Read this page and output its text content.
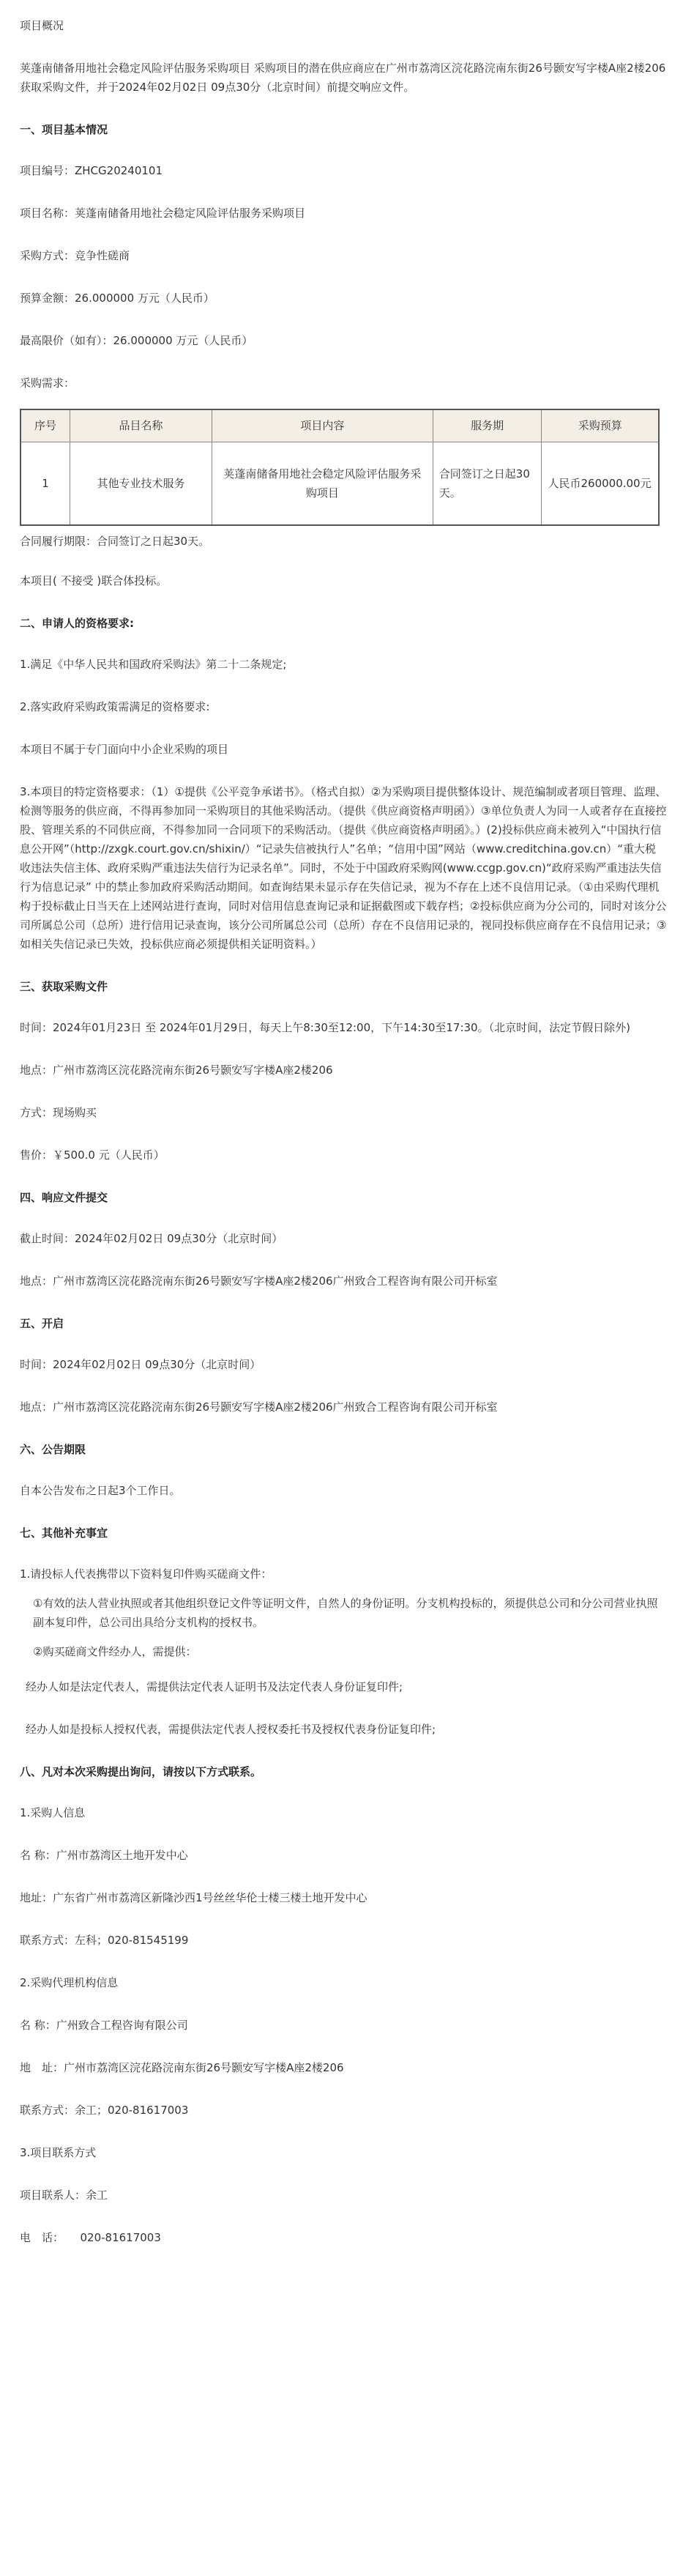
项目概况
荚蓬南储备用地社会稳定风险评估服务采购项目 采购项目的潜在供应商应在广州市荔湾区浣花路浣南东街26号颢安写字楼A座2楼206获取采购文件，并于2024年02月02日 09点30分（北京时间）前提交响应文件。
一、项目基本情况
项目编号：ZHCG20240101
项目名称：荚蓬南储备用地社会稳定风险评估服务采购项目
采购方式：竞争性磋商
预算金额：26.000000 万元（人民币）
最高限价（如有）：26.000000 万元（人民币）
采购需求：
序号	品目名称	项目内容	服务期	采购预算
1	其他专业技术服务	荚蓬南储备用地社会稳定风险评估服务采购项目	合同签订之日起30天。	人民币260000.00元
合同履行期限：合同签订之日起30天。
本项目( 不接受 )联合体投标。
二、申请人的资格要求:
1.满足《中华人民共和国政府采购法》第二十二条规定;
2.落实政府采购政策需满足的资格要求:
本项目不属于专门面向中小企业采购的项目
3.本项目的特定资格要求：（1）①提供《公平竞争承诺书》。（格式自拟）②为采购项目提供整体设计、规范编制或者项目管理、监理、检测等服务的供应商，不得再参加同一采购项目的其他采购活动。（提供《供应商资格声明函》）③单位负责人为同一人或者存在直接控股、管理关系的不同供应商，不得参加同一合同项下的采购活动。（提供《供应商资格声明函》。）(2)投标供应商未被列入“中国执行信息公开网”（http://zxgk.court.gov.cn/shixin/）“记录失信被执行人”名单；“信用中国”网站（www.creditchina.gov.cn）“重大税收违法失信主体、政府采购严重违法失信行为记录名单”。同时，不处于中国政府采购网(www.ccgp.gov.cn)“政府采购严重违法失信行为信息记录” 中的禁止参加政府采购活动期间。如查询结果未显示存在失信记录，视为不存在上述不良信用记录。（①由采购代理机构于投标截止日当天在上述网站进行查询，同时对信用信息查询记录和证据截图或下载存档；②投标供应商为分公司的，同时对该分公司所属总公司（总所）进行信用记录查询，该分公司所属总公司（总所）存在不良信用记录的，视同投标供应商存在不良信用记录；③如相关失信记录已失效，投标供应商必须提供相关证明资料。）
三、获取采购文件
时间：2024年01月23日 至 2024年01月29日，每天上午8:30至12:00，下午14:30至17:30。（北京时间，法定节假日除外)
地点：广州市荔湾区浣花路浣南东街26号颢安写字楼A座2楼206
方式：现场购买
售价：￥500.0 元（人民币）
四、响应文件提交
截止时间：2024年02月02日 09点30分（北京时间）
地点：广州市荔湾区浣花路浣南东街26号颢安写字楼A座2楼206广州致合工程咨询有限公司开标室
五、开启
时间：2024年02月02日 09点30分（北京时间）
地点：广州市荔湾区浣花路浣南东街26号颢安写字楼A座2楼206广州致合工程咨询有限公司开标室
六、公告期限
自本公告发布之日起3个工作日。
七、其他补充事宜
1.请投标人代表携带以下资料复印件购买磋商文件：
①有效的法人营业执照或者其他组织登记文件等证明文件，自然人的身份证明。分支机构投标的，须提供总公司和分公司营业执照副本复印件，总公司出具给分支机构的授权书。
②购买磋商文件经办人，需提供：
经办人如是法定代表人，需提供法定代表人证明书及法定代表人身份证复印件;
经办人如是投标人授权代表，需提供法定代表人授权委托书及授权代表身份证复印件;
八、凡对本次采购提出询问，请按以下方式联系。
1.采购人信息
名 称：广州市荔湾区土地开发中心
地址：广东省广州市荔湾区新隆沙西1号丝丝华伦士楼三楼土地开发中心
联系方式：左科；020-81545199
2.采购代理机构信息
名 称：广州致合工程咨询有限公司
地　址：广州市荔湾区浣花路浣南东街26号颢安写字楼A座2楼206
联系方式：余工；020-81617003
3.项目联系方式
项目联系人：余工
电　话：　　020-81617003
